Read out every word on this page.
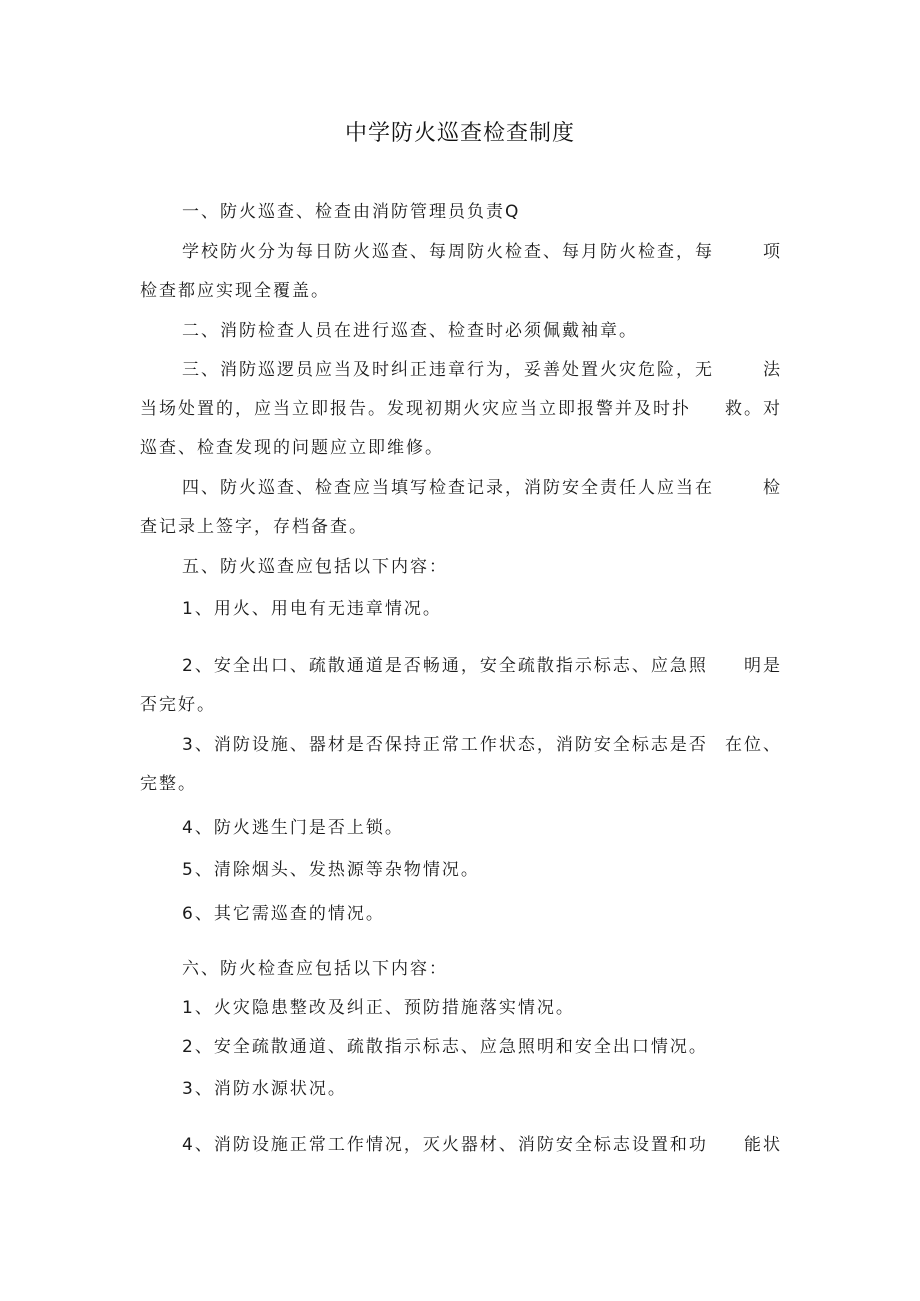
中学防火巡查检查制度
一、防火巡查、检查由消防管理员负责Q
学校防火分为每日防火巡查、每周防火检查、每月防火检查，每	项
检查都应实现全覆盖。
二、消防检查人员在进行巡查、检查时必须佩戴袖章。
三、消防巡逻员应当及时纠正违章行为，妥善处置火灾危险，无	法
当场处置的，应当立即报告。发现初期火灾应当立即报警并及时扑 救。对
巡查、检查发现的问题应立即维修。
四、防火巡查、检查应当填写检查记录，消防安全责任人应当在	检
查记录上签字，存档备查。
五、防火巡查应包括以下内容：
1、用火、用电有无违章情况。
2、安全出口、疏散通道是否畅通，安全疏散指示标志、应急照 明是
否完好。
3、消防设施、器材是否保持正常工作状态，消防安全标志是否 在位、
完整。
4、防火逃生门是否上锁。
5、清除烟头、发热源等杂物情况。
6、其它需巡查的情况。
六、防火检查应包括以下内容：
1、火灾隐患整改及纠正、预防措施落实情况。
2、安全疏散通道、疏散指示标志、应急照明和安全出口情况。
3、消防水源状况。
4、消防设施正常工作情况，灭火器材、消防安全标志设置和功 能状
